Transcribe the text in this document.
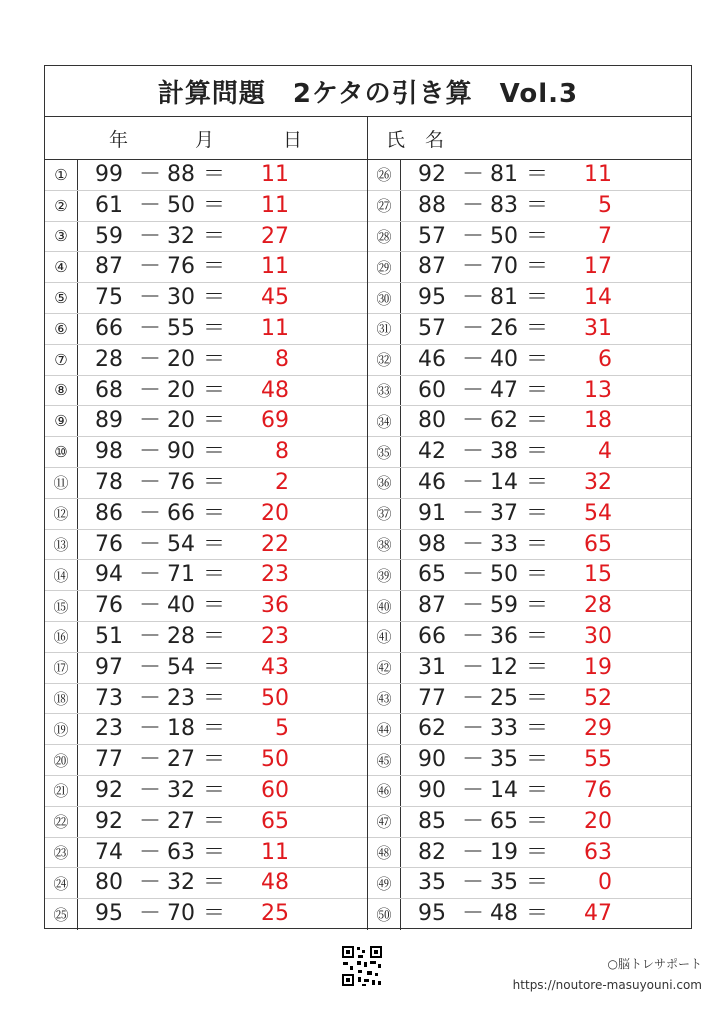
計算問題　2ケタの引き算　Vol.3
年	月	日	氏 名
①	99 － 88 ＝	11
②	61 － 50 ＝	11
③	59 － 32 ＝	27
④	87 － 76 ＝	11
⑤	75 － 30 ＝	45
⑥	66 － 55 ＝	11
⑦	28 － 20 ＝	8
⑧	68 － 20 ＝	48
⑨	89 － 20 ＝	69
⑩	98 － 90 ＝	8
⑪	78 － 76 ＝	2
⑫	86 － 66 ＝	20
⑬	76 － 54 ＝	22
⑭	94 － 71 ＝	23
⑮	76 － 40 ＝	36
⑯	51 － 28 ＝	23
⑰	97 － 54 ＝	43
⑱	73 － 23 ＝	50
⑲	23 － 18 ＝	5
⑳	77 － 27 ＝	50
㉑	92 － 32 ＝	60
㉒	92 － 27 ＝	65
㉓	74 － 63 ＝	11
㉔	80 － 32 ＝	48
㉕	95 － 70 ＝	25
㉖	92 － 81 ＝	11
㉗	88 － 83 ＝	5
㉘	57 － 50 ＝	7
㉙	87 － 70 ＝	17
㉚	95 － 81 ＝	14
㉛	57 － 26 ＝	31
㉜	46 － 40 ＝	6
㉝	60 － 47 ＝	13
㉞	80 － 62 ＝	18
㉟	42 － 38 ＝	4
㊱	46 － 14 ＝	32
㊲	91 － 37 ＝	54
㊳	98 － 33 ＝	65
㊴	65 － 50 ＝	15
㊵	87 － 59 ＝	28
㊶	66 － 36 ＝	30
㊷	31 － 12 ＝	19
㊸	77 － 25 ＝	52
㊹	62 － 33 ＝	29
㊺	90 － 35 ＝	55
㊻	90 － 14 ＝	76
㊼	85 － 65 ＝	20
㊽	82 － 19 ＝	63
㊾	35 － 35 ＝	0
㊿	95 － 48 ＝	47
○脳トレサポート
https://noutore-masuyouni.com
